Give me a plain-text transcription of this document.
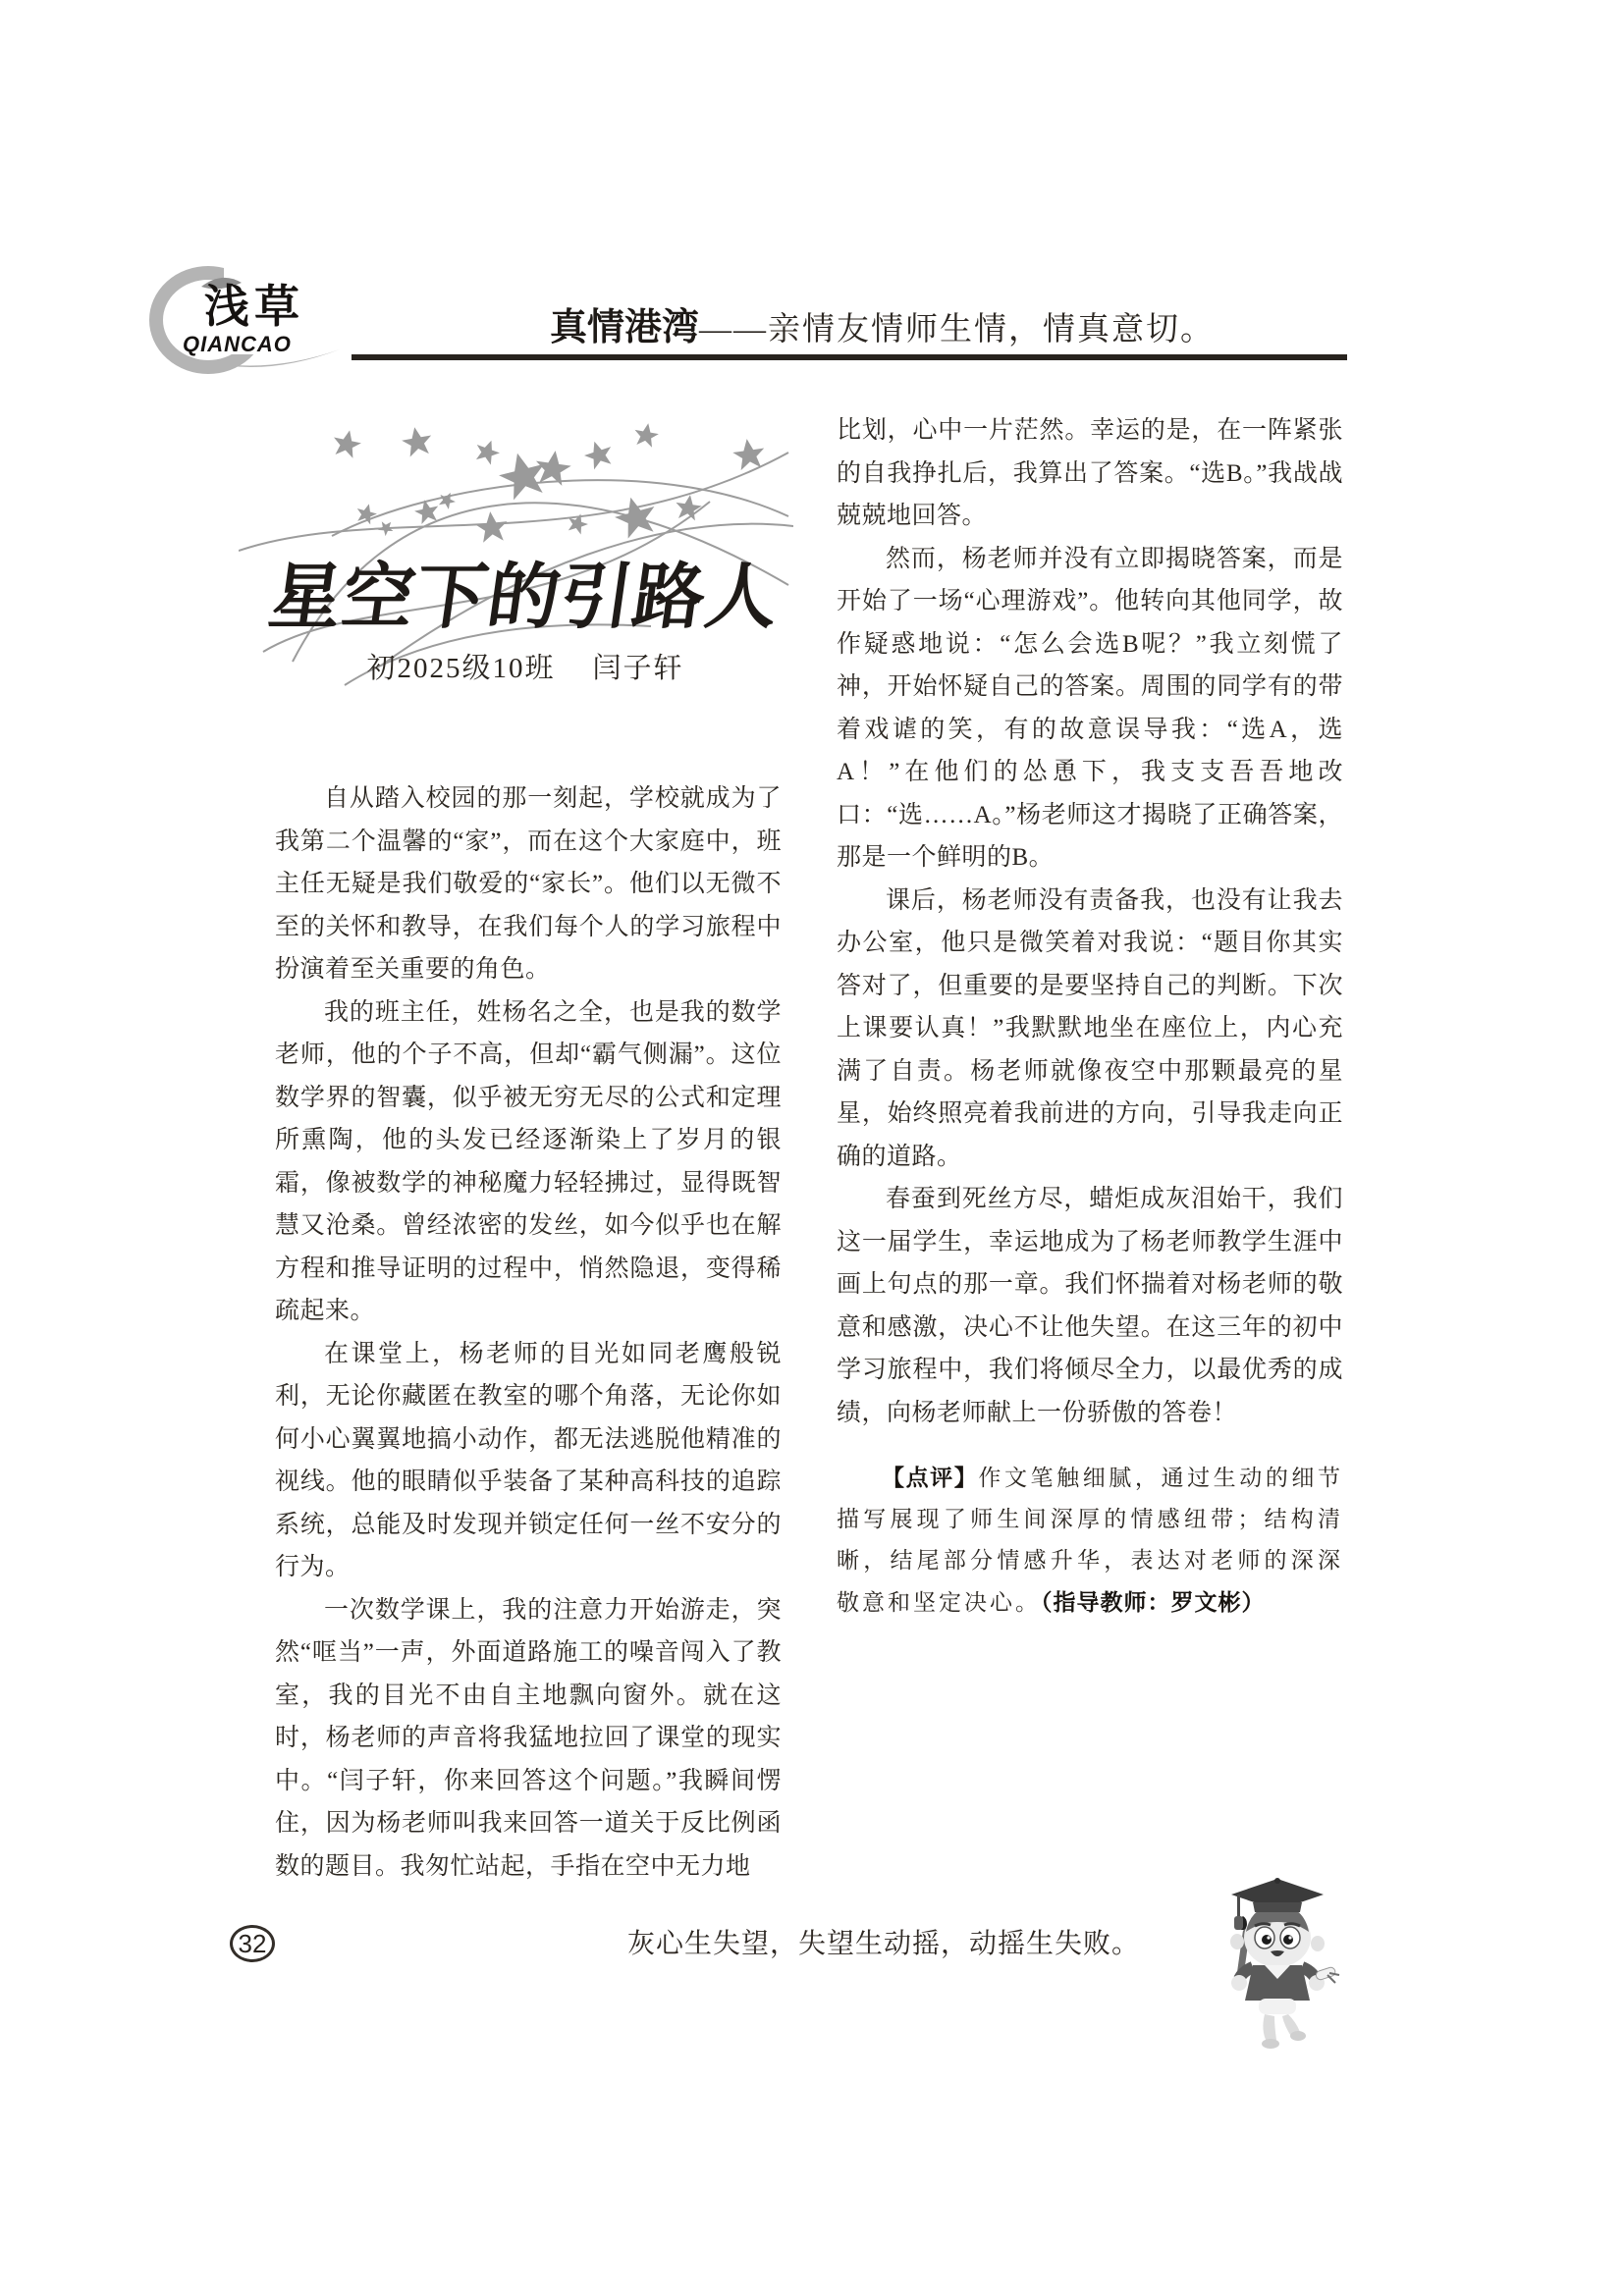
浅草
QIANCAO	真情港湾——亲情友情师生情，情真意切。
星空下的引路人
初2025级10班 闫子轩

自从踏入校园的那一刻起，学校就成为了我第二个温馨的“家”，而在这个大家庭中，班主任无疑是我们敬爱的“家长”。他们以无微不至的关怀和教导，在我们每个人的学习旅程中扮演着至关重要的角色。

我的班主任，姓杨名之全，也是我的数学老师，他的个子不高，但却“霸气侧漏”。这位数学界的智囊，似乎被无穷无尽的公式和定理所熏陶，他的头发已经逐渐染上了岁月的银霜，像被数学的神秘魔力轻轻拂过，显得既智慧又沧桑。曾经浓密的发丝，如今似乎也在解方程和推导证明的过程中，悄然隐退，变得稀疏起来。

在课堂上，杨老师的目光如同老鹰般锐利，无论你藏匿在教室的哪个角落，无论你如何小心翼翼地搞小动作，都无法逃脱他精准的视线。他的眼睛似乎装备了某种高科技的追踪系统，总能及时发现并锁定任何一丝不安分的行为。

一次数学课上，我的注意力开始游走，突然“哐当”一声，外面道路施工的噪音闯入了教室，我的目光不由自主地飘向窗外。就在这时，杨老师的声音将我猛地拉回了课堂的现实中。“闫子轩，你来回答这个问题。”我瞬间愣住，因为杨老师叫我来回答一道关于反比例函数的题目。我匆忙站起，手指在空中无力地

比划，心中一片茫然。幸运的是，在一阵紧张的自我挣扎后，我算出了答案。“选B。”我战战兢兢地回答。

然而，杨老师并没有立即揭晓答案，而是开始了一场“心理游戏”。他转向其他同学，故作疑惑地说：“怎么会选B呢？”我立刻慌了神，开始怀疑自己的答案。周围的同学有的带着戏谑的笑，有的故意误导我：“选A，选A！”在他们的怂恿下，我支支吾吾地改口：“选……A。”杨老师这才揭晓了正确答案，那是一个鲜明的B。

课后，杨老师没有责备我，也没有让我去办公室，他只是微笑着对我说：“题目你其实答对了，但重要的是要坚持自己的判断。下次上课要认真！”我默默地坐在座位上，内心充满了自责。杨老师就像夜空中那颗最亮的星星，始终照亮着我前进的方向，引导我走向正确的道路。

春蚕到死丝方尽，蜡炬成灰泪始干，我们这一届学生，幸运地成为了杨老师教学生涯中画上句点的那一章。我们怀揣着对杨老师的敬意和感激，决心不让他失望。在这三年的初中学习旅程中，我们将倾尽全力，以最优秀的成绩，向杨老师献上一份骄傲的答卷！

【点评】作文笔触细腻，通过生动的细节描写展现了师生间深厚的情感纽带；结构清晰，结尾部分情感升华，表达对老师的深深敬意和坚定决心。（指导教师：罗文彬）
32	灰心生失望，失望生动摇，动摇生失败。
